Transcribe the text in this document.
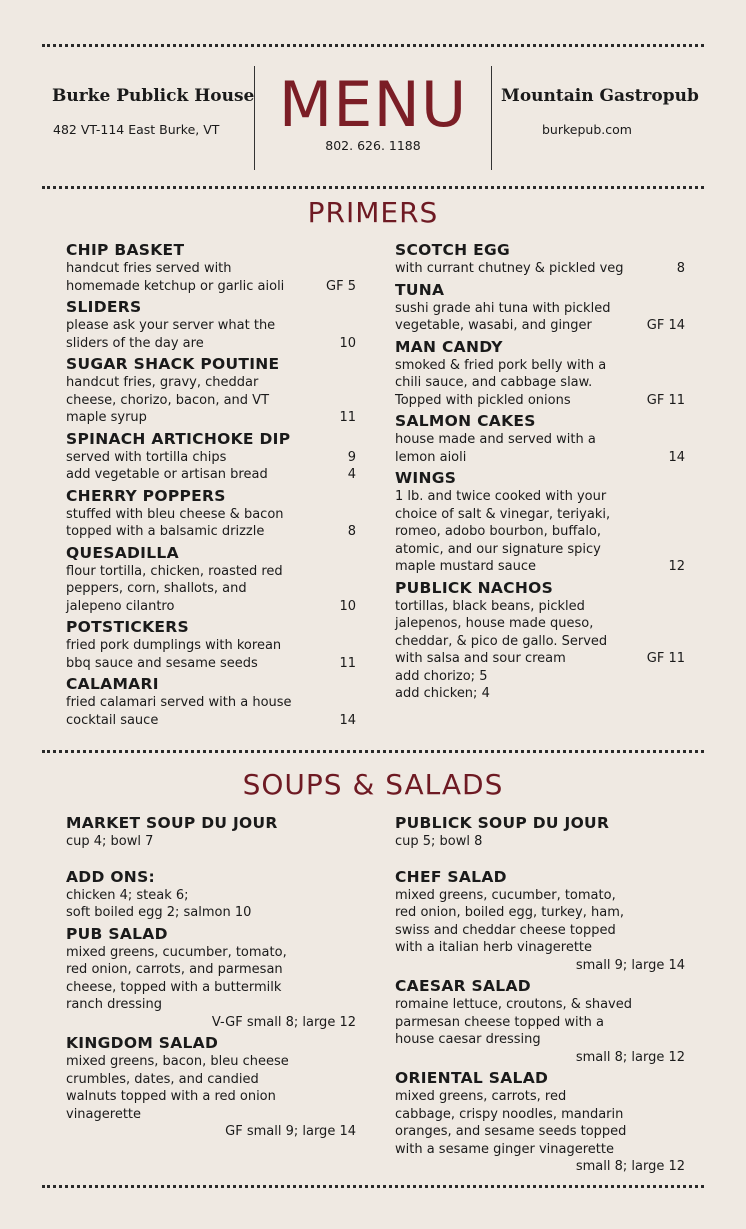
Burke Publick House
482 VT-114 East Burke, VT MENU
802. 626. 1188
Mountain Gastropub
burkepub.com
PRIMERS
CHIP BASKET
handcut fries served with
homemade ketchup or garlic aioli	GF 5
SLIDERS
please ask your server what the
sliders of the day are	10
SUGAR SHACK POUTINE
handcut fries, gravy, cheddar
cheese, chorizo, bacon, and VT
maple syrup	11
SPINACH ARTICHOKE DIP
served with tortilla chips	9
add vegetable or artisan bread	4
CHERRY POPPERS
stuffed with bleu cheese & bacon
topped with a balsamic drizzle	8
QUESADILLA
flour tortilla, chicken, roasted red
peppers, corn, shallots, and
jalepeno cilantro	10
POTSTICKERS
fried pork dumplings with korean
bbq sauce and sesame seeds	11
CALAMARI
fried calamari served with a house
cocktail sauce	14
SCOTCH EGG
with currant chutney & pickled veg	8
TUNA
sushi grade ahi tuna with pickled
vegetable, wasabi, and ginger	GF 14
MAN CANDY
smoked & fried pork belly with a
chili sauce, and cabbage slaw.
Topped with pickled onions	GF 11
SALMON CAKES
house made and served with a
lemon aioli	14
WINGS
1 lb. and twice cooked with your
choice of salt & vinegar, teriyaki,
romeo, adobo bourbon, buffalo,
atomic, and our signature spicy
maple mustard sauce	12
PUBLICK NACHOS
tortillas, black beans, pickled
jalepenos, house made queso,
cheddar, & pico de gallo. Served
with salsa and sour cream	GF 11
add chorizo; 5
add chicken; 4
SOUPS & SALADS
MARKET SOUP DU JOUR
cup 4; bowl 7
ADD ONS:
chicken 4; steak 6;
soft boiled egg 2; salmon 10
PUB SALAD
mixed greens, cucumber, tomato,
red onion, carrots, and parmesan
cheese, topped with a buttermilk
ranch dressing
V-GF small 8; large 12
KINGDOM SALAD
mixed greens, bacon, bleu cheese
crumbles, dates, and candied
walnuts topped with a red onion
vinagerette
GF small 9; large 14
PUBLICK SOUP DU JOUR
cup 5; bowl 8
CHEF SALAD
mixed greens, cucumber, tomato,
red onion, boiled egg, turkey, ham,
swiss and cheddar cheese topped
with a italian herb vinagerette
small 9; large 14
CAESAR SALAD
romaine lettuce, croutons, & shaved
parmesan cheese topped with a
house caesar dressing
small 8; large 12
ORIENTAL SALAD
mixed greens, carrots, red
cabbage, crispy noodles, mandarin
oranges, and sesame seeds topped
with a sesame ginger vinagerette
small 8; large 12
